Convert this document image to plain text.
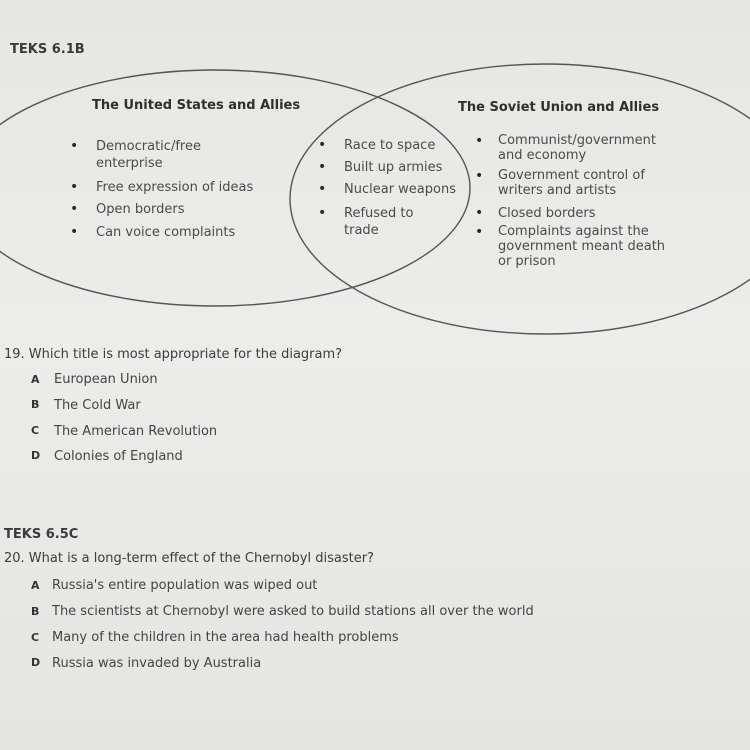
TEKS 6.1B
The United States and Allies	The Soviet Union and Allies
• Democratic/free
enterprise
• Free expression of ideas
• Open borders
• Can voice complaints
• Race to space
• Built up armies
• Nuclear weapons
• Refused to
trade
• Communist/government
and economy
• Government control of
writers and artists
• Closed borders
• Complaints against the
government meant death
or prison
19. Which title is most appropriate for the diagram?
A European Union
B The Cold War
C The American Revolution
D Colonies of England
TEKS 6.5C
20. What is a long-term effect of the Chernobyl disaster?
A Russia's entire population was wiped out
B The scientists at Chernobyl were asked to build stations all over the world
C Many of the children in the area had health problems
D Russia was invaded by Australia
